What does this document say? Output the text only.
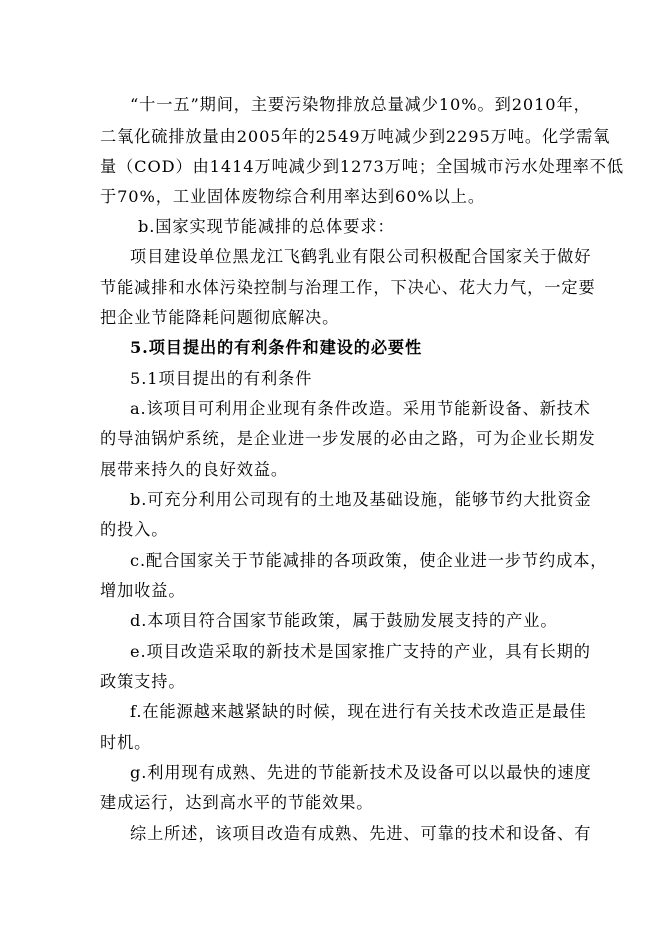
“十一五”期间，主要污染物排放总量减少10%。到2010年，
二氧化硫排放量由2005年的2549万吨减少到2295万吨。化学需氧
量（COD）由1414万吨减少到1273万吨；全国城市污水处理率不低
于70%，工业固体废物综合利用率达到60%以上。
b.国家实现节能减排的总体要求：
项目建设单位黑龙江飞鹤乳业有限公司积极配合国家关于做好
节能减排和水体污染控制与治理工作，下决心、花大力气，一定要
把企业节能降耗问题彻底解决。
5.项目提出的有利条件和建设的必要性
5.1项目提出的有利条件
a.该项目可利用企业现有条件改造。采用节能新设备、新技术
的导油锅炉系统，是企业进一步发展的必由之路，可为企业长期发
展带来持久的良好效益。
b.可充分利用公司现有的土地及基础设施，能够节约大批资金
的投入。
c.配合国家关于节能减排的各项政策，使企业进一步节约成本，
增加收益。
d.本项目符合国家节能政策，属于鼓励发展支持的产业。
e.项目改造采取的新技术是国家推广支持的产业，具有长期的
政策支持。
f.在能源越来越紧缺的时候，现在进行有关技术改造正是最佳
时机。
g.利用现有成熟、先进的节能新技术及设备可以以最快的速度
建成运行，达到高水平的节能效果。
综上所述，该项目改造有成熟、先进、可靠的技术和设备、有
